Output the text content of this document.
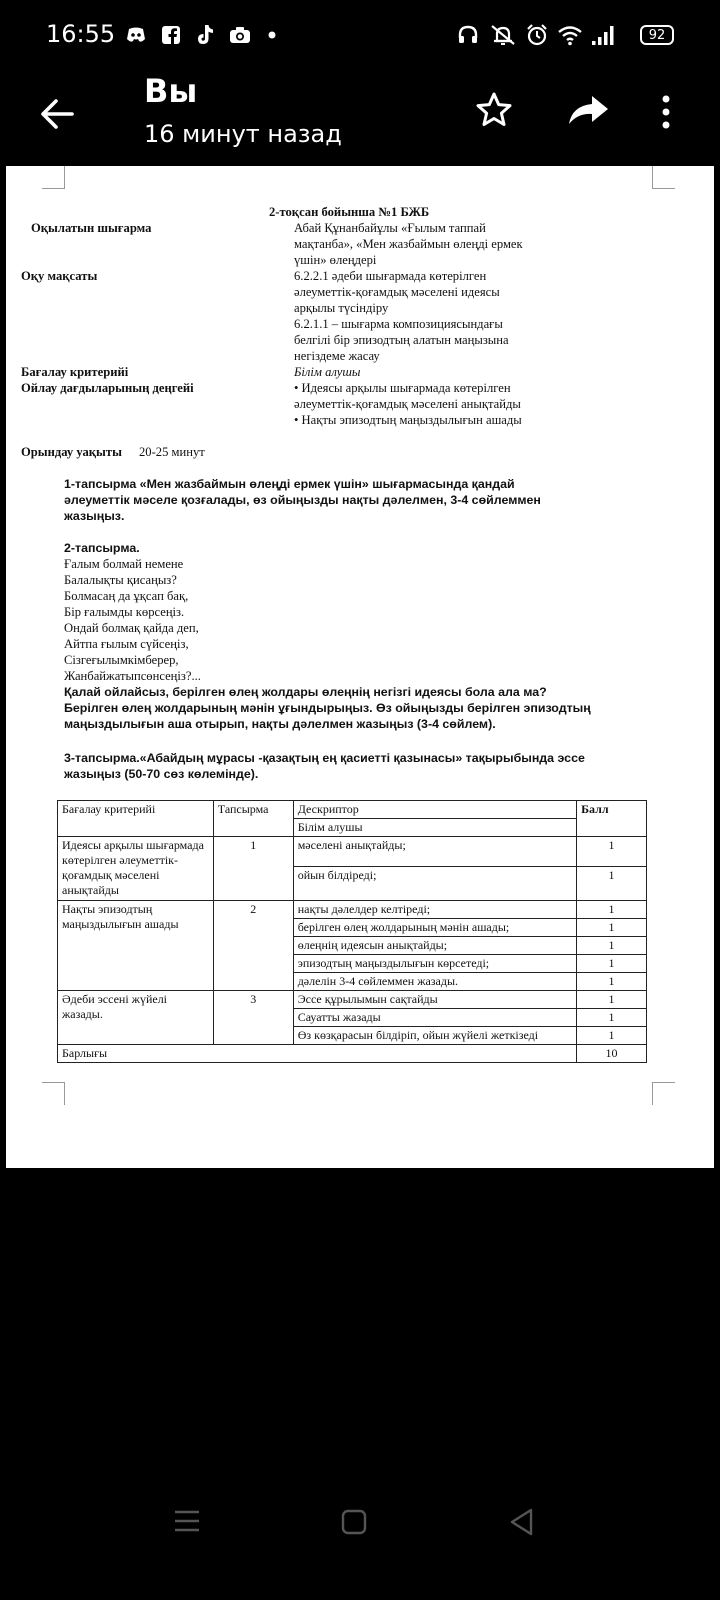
16:55	92
Вы
16 минут назад
2-тоқсан бойынша №1 БЖБ
Оқылатын шығарма	Абай Құнанбайұлы «Ғылым таппай
мақтанба», «Мен жазбаймын өлеңді ермек
үшін» өлеңдері
Оқу мақсаты	6.2.2.1 әдеби шығармада көтерілген
әлеуметтік-қоғамдық мәселені идеясы
арқылы түсіндіру
6.2.1.1 – шығарма композициясындағы
белгілі бір эпизодтың алатын маңызына
негіздеме жасау
Бағалау критерийі	Білім алушы
Ойлау дағдыларының деңгейі	• Идеясы арқылы шығармада көтерілген
әлеуметтік-қоғамдық мәселені анықтайды
• Нақты эпизодтың маңыздылығын ашады
Орындау уақыты 20-25 минут
1-тапсырма «Мен жазбаймын өлеңді ермек үшін» шығармасында қандай
әлеуметтік мәселе қозғалады, өз ойыңызды нақты дәлелмен, 3-4 сөйлеммен
жазыңыз.
2-тапсырма.
Ғалым болмай немене
Балалықты қисаңыз?
Болмасаң да ұқсап бақ,
Бір ғалымды көрсеңіз.
Ондай болмақ қайда деп,
Айтпа ғылым сүйсеңіз,
Сізгеғылымкімберер,
Жанбайжатыпсөнсеңіз?...
Қалай ойлайсыз, берілген өлең жолдары өлеңнің негізгі идеясы бола ала ма?
Берілген өлең жолдарының мәнін ұғындырыңыз. Өз ойыңызды берілген эпизодтың
маңыздылығын аша отырып, нақты дәлелмен жазыңыз (3-4 сөйлем).
3-тапсырма.«Абайдың мұрасы -қазақтың ең қасиетті қазынасы» тақырыбында эссе
жазыңыз (50-70 сөз көлемінде).
Бағалау критерийі	Тапсырма	Дескриптор	Балл
		Білім алушы	
Идеясы арқылы шығармада көтерілген әлеуметтік-қоғамдық мәселені анықтайды	1	мәселені анықтайды;	1
		ойын білдіреді;	1
Нақты эпизодтың маңыздылығын ашады	2	нақты дәлелдер келтіреді;	1
		берілген өлең жолдарының мәнін ашады;	1
		өлеңнің идеясын анықтайды;	1
		эпизодтың маңыздылығын көрсетеді;	1
		дәлелін 3-4 сөйлеммен жазады.	1
Әдеби эссені жүйелі жазады.	3	Эссе құрылымын сақтайды	1
		Сауатты жазады	1
		Өз көзқарасын білдіріп, ойын жүйелі жеткізеді	1
Барлығы			10
